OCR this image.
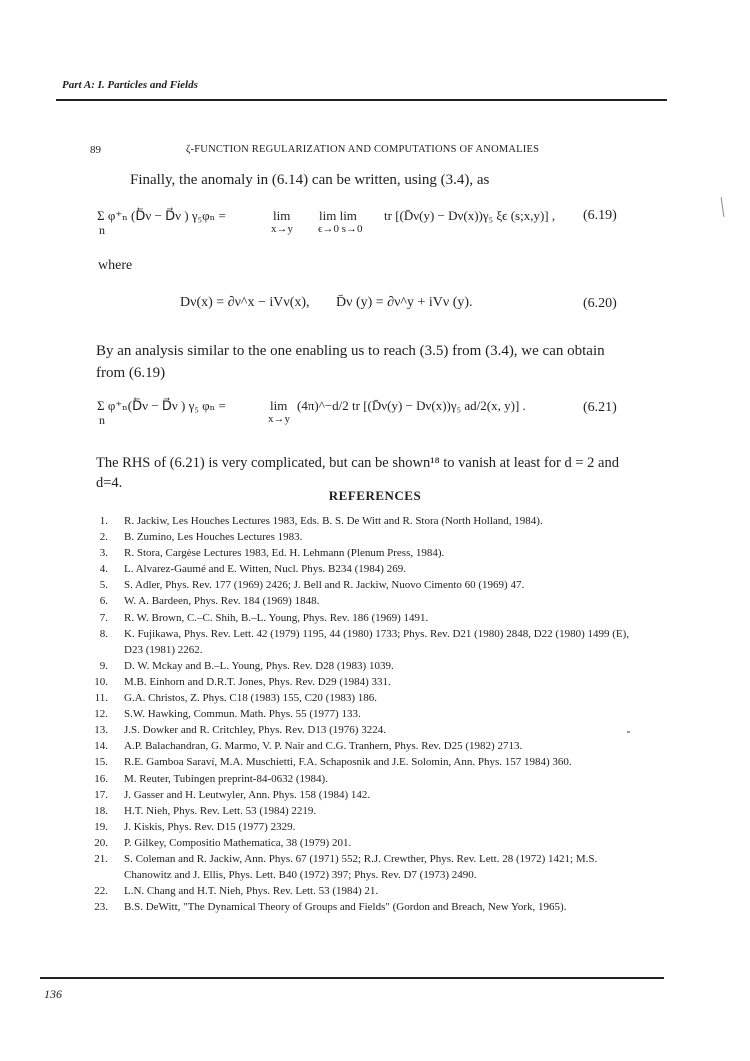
Part A: I. Particles and Fields
89	ζ-FUNCTION REGULARIZATION AND COMPUTATIONS OF ANOMALIES
Finally, the anomaly in (6.14) can be written, using (3.4), as
Σ φ⁺ₙ (D⃖ν − D⃗ν ) γ₅φₙ =
n
lim
x→y
lim lim
ϵ→0 s→0
tr [(D̄ν(y) − Dν(x))γ₅ ξϵ (s;x,y)] , (6.19)
where
Dν(x) = ∂ν^x − iVν(x), D̄ν (y) = ∂ν^y + iVν (y).	(6.20)
By an analysis similar to the one enabling us to reach (3.5) from (3.4), we can obtain from (6.19)
Σ φ⁺ₙ(D⃖ν − D⃗ν ) γ₅ φₙ =
n
lim
x→y
(4π)^−d/2 tr [(D̄ν(y) − Dν(x))γ₅ ad/2(x, y)] .	(6.21)
The RHS of (6.21) is very complicated, but can be shown¹⁸ to vanish at least for d = 2 and d=4.
REFERENCES
1.	R. Jackiw, Les Houches Lectures 1983, Eds. B. S. De Witt and R. Stora (North Holland, 1984).
2.	B. Zumino, Les Houches Lectures 1983.
3.	R. Stora, Cargèse Lectures 1983, Ed. H. Lehmann (Plenum Press, 1984).
4.	L. Alvarez-Gaumé and E. Witten, Nucl. Phys. B234 (1984) 269.
5.	S. Adler, Phys. Rev. 177 (1969) 2426; J. Bell and R. Jackiw, Nuovo Cimento 60 (1969) 47.
6.	W. A. Bardeen, Phys. Rev. 184 (1969) 1848.
7.	R. W. Brown, C.–C. Shih, B.–L. Young, Phys. Rev. 186 (1969) 1491.
8.	K. Fujikawa, Phys. Rev. Lett. 42 (1979) 1195, 44 (1980) 1733; Phys. Rev. D21 (1980) 2848, D22 (1980) 1499 (E), D23 (1981) 2262.
9.	D. W. Mckay and B.–L. Young, Phys. Rev. D28 (1983) 1039.
10.	M.B. Einhorn and D.R.T. Jones, Phys. Rev. D29 (1984) 331.
11.	G.A. Christos, Z. Phys. C18 (1983) 155, C20 (1983) 186.
12.	S.W. Hawking, Commun. Math. Phys. 55 (1977) 133.
13.	J.S. Dowker and R. Critchley, Phys. Rev. D13 (1976) 3224.
14.	A.P. Balachandran, G. Marmo, V. P. Nair and C.G. Tranhern, Phys. Rev. D25 (1982) 2713.
15.	R.E. Gamboa Saraví, M.A. Muschietti, F.A. Schaposnik and J.E. Solomin, Ann. Phys. 157 1984) 360.
16.	M. Reuter, Tubingen preprint-84-0632 (1984).
17.	J. Gasser and H. Leutwyler, Ann. Phys. 158 (1984) 142.
18.	H.T. Nieh, Phys. Rev. Lett. 53 (1984) 2219.
19.	J. Kiskis, Phys. Rev. D15 (1977) 2329.
20.	P. Gilkey, Compositio Mathematica, 38 (1979) 201.
21.	S. Coleman and R. Jackiw, Ann. Phys. 67 (1971) 552; R.J. Crewther, Phys. Rev. Lett. 28 (1972) 1421; M.S. Chanowitz and J. Ellis, Phys. Lett. B40 (1972) 397; Phys. Rev. D7 (1973) 2490.
22.	L.N. Chang and H.T. Nieh, Phys. Rev. Lett. 53 (1984) 21.
23.	B.S. DeWitt, "The Dynamical Theory of Groups and Fields" (Gordon and Breach, New York, 1965).
136
